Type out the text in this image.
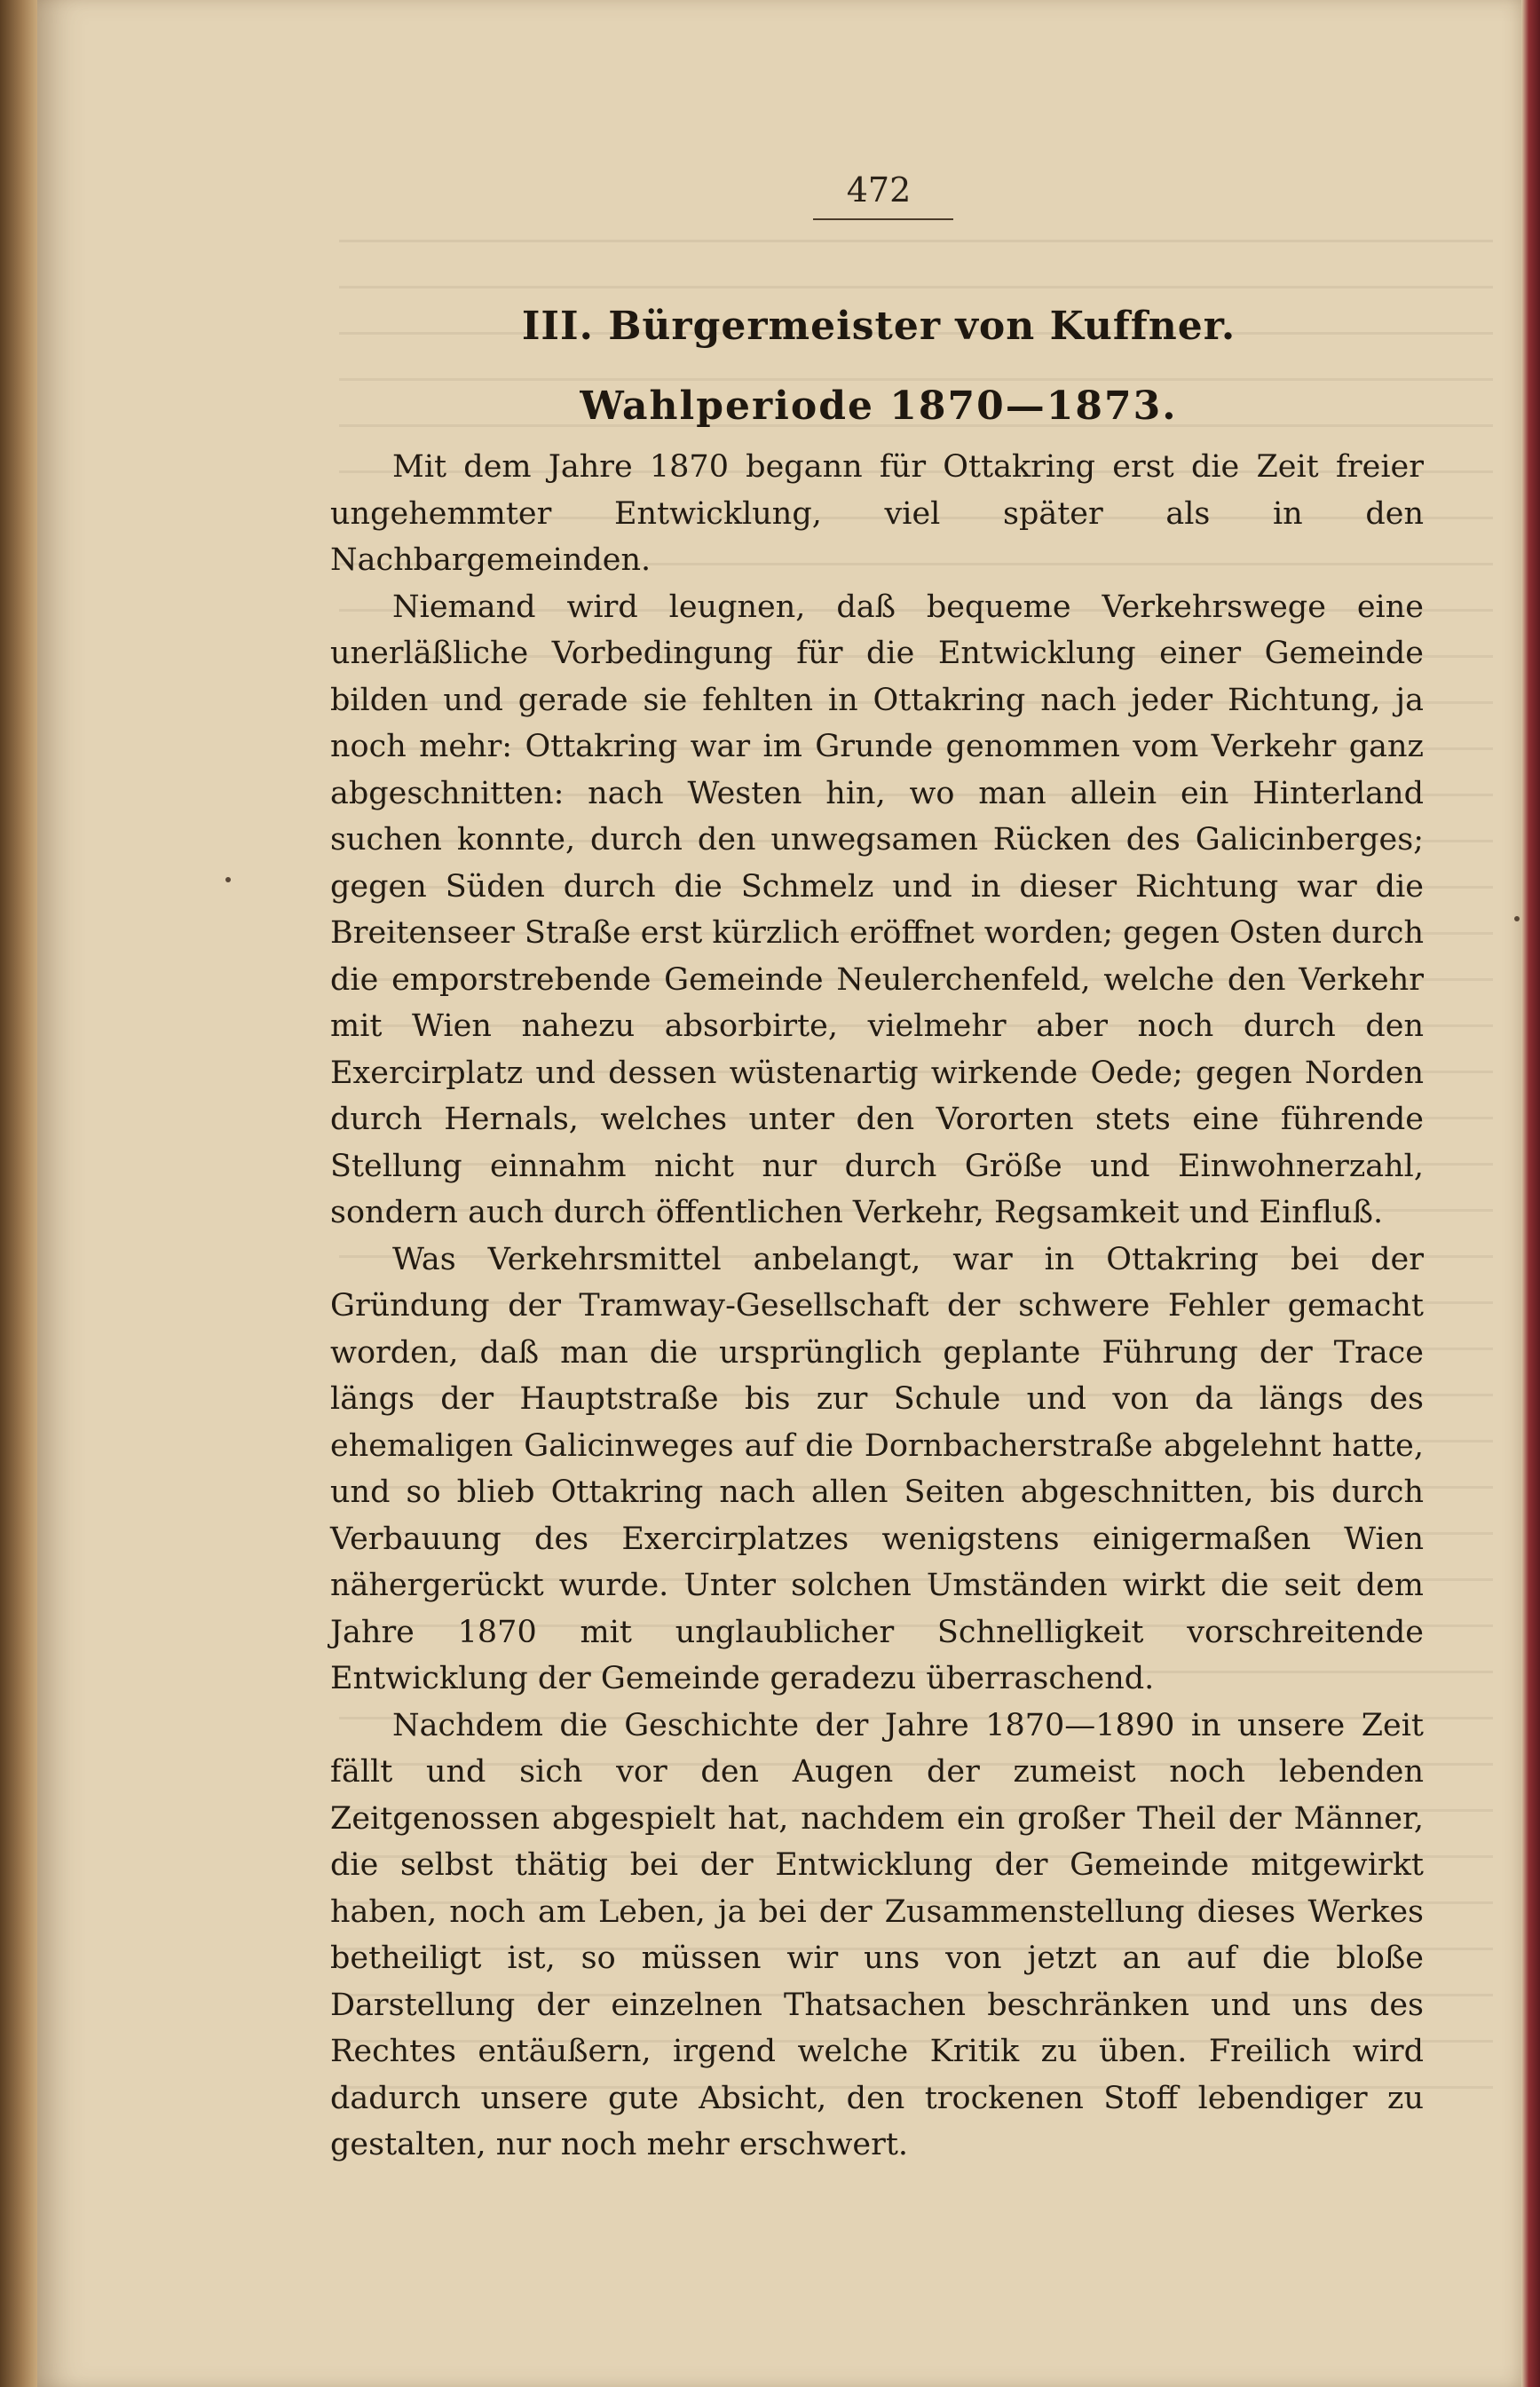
472
III. Bürgermeister von Kuffner.
Wahlperiode 1870—1873.

Mit dem Jahre 1870 begann für Ottakring erst die Zeit freier ungehemmter Entwicklung, viel später als in den Nachbargemeinden.

Niemand wird leugnen, daß bequeme Verkehrswege eine unerläßliche Vorbedingung für die Entwicklung einer Gemeinde bilden und gerade sie fehlten in Ottakring nach jeder Richtung, ja noch mehr: Ottakring war im Grunde genommen vom Verkehr ganz abgeschnitten: nach Westen hin, wo man allein ein Hinterland suchen konnte, durch den unwegsamen Rücken des Galicinberges; gegen Süden durch die Schmelz und in dieser Richtung war die Breitenseer Straße erst kürzlich eröffnet worden; gegen Osten durch die emporstrebende Gemeinde Neulerchenfeld, welche den Verkehr mit Wien nahezu absorbirte, vielmehr aber noch durch den Exercirplatz und dessen wüstenartig wirkende Oede; gegen Norden durch Hernals, welches unter den Vororten stets eine führende Stellung einnahm nicht nur durch Größe und Einwohnerzahl, sondern auch durch öffentlichen Verkehr, Regsamkeit und Einfluß.

Was Verkehrsmittel anbelangt, war in Ottakring bei der Gründung der Tramway-Gesellschaft der schwere Fehler gemacht worden, daß man die ursprünglich geplante Führung der Trace längs der Hauptstraße bis zur Schule und von da längs des ehemaligen Galicinweges auf die Dornbacherstraße abgelehnt hatte, und so blieb Ottakring nach allen Seiten abgeschnitten, bis durch Verbauung des Exercirplatzes wenigstens einigermaßen Wien nähergerückt wurde. Unter solchen Umständen wirkt die seit dem Jahre 1870 mit unglaublicher Schnelligkeit vorschreitende Entwicklung der Gemeinde geradezu überraschend.

Nachdem die Geschichte der Jahre 1870—1890 in unsere Zeit fällt und sich vor den Augen der zumeist noch lebenden Zeitgenossen abgespielt hat, nachdem ein großer Theil der Männer, die selbst thätig bei der Entwicklung der Gemeinde mitgewirkt haben, noch am Leben, ja bei der Zusammenstellung dieses Werkes betheiligt ist, so müssen wir uns von jetzt an auf die bloße Darstellung der einzelnen Thatsachen beschränken und uns des Rechtes entäußern, irgend welche Kritik zu üben. Freilich wird dadurch unsere gute Absicht, den trockenen Stoff lebendiger zu gestalten, nur noch mehr erschwert.
